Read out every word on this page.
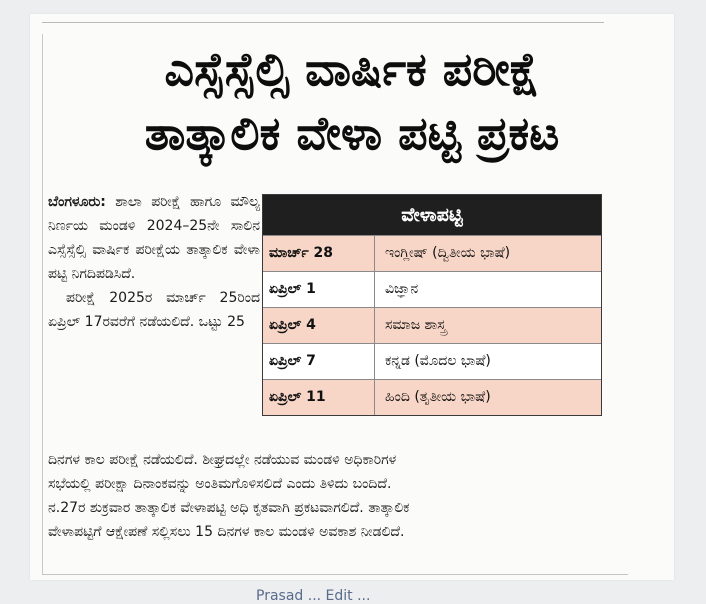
ಎಸ್ಸೆಸ್ಸೆಲ್ಸಿ ವಾರ್ಷಿಕ ಪರೀಕ್ಷೆ
ತಾತ್ಕಾಲಿಕ ವೇಳಾ ಪಟ್ಟಿ ಪ್ರಕಟ

ಬೆಂಗಳೂರು: ಶಾಲಾ ಪರೀಕ್ಷೆ ಹಾಗೂ ಮೌಲ್ಯ ನಿರ್ಣಯ ಮಂಡಳಿ 2024–25ನೇ ಸಾಲಿನ ಎಸ್ಸೆಸ್ಸೆಲ್ಸಿ ವಾರ್ಷಿಕ ಪರೀಕ್ಷೆಯ ತಾತ್ಕಾಲಿಕ ವೇಳಾ ಪಟ್ಟಿ ನಿಗದಿಪಡಿಸಿದೆ.

ಪರೀಕ್ಷೆ 2025ರ ಮಾರ್ಚ್ 25ರಿಂದ ಏಪ್ರಿಲ್ 17ರವರೆಗೆ ನಡೆಯಲಿದೆ. ಒಟ್ಟು 25

ವೇಳಾಪಟ್ಟಿ
ಮಾರ್ಚ್ 28	ಇಂಗ್ಲೀಷ್ (ದ್ವಿತೀಯ ಭಾಷೆ)
ಏಪ್ರಿಲ್ 1	ವಿಜ್ಞಾನ
ಏಪ್ರಿಲ್ 4	ಸಮಾಜ ಶಾಸ್ತ್ರ
ಏಪ್ರಿಲ್ 7	ಕನ್ನಡ (ಮೊದಲ ಭಾಷೆ)
ಏಪ್ರಿಲ್ 11	ಹಿಂದಿ (ತೃತೀಯ ಭಾಷೆ)
ದಿನಗಳ ಕಾಲ ಪರೀಕ್ಷೆ ನಡೆಯಲಿದೆ. ಶೀಘ್ರದಲ್ಲೇ ನಡೆಯುವ ಮಂಡಳಿ ಅಧಿಕಾರಿಗಳ
ಸಭೆಯಲ್ಲಿ ಪರೀಕ್ಷಾ ದಿನಾಂಕವನ್ನು ಅಂತಿಮಗೊಳಿಸಲಿದೆ ಎಂದು ತಿಳಿದು ಬಂದಿದೆ.
ನ.27ರ ಶುಕ್ರವಾರ ತಾತ್ಕಾಲಿಕ ವೇಳಾಪಟ್ಟಿ ಅಧಿ ಕೃತವಾಗಿ ಪ್ರಕಟವಾಗಲಿದೆ. ತಾತ್ಕಾಲಿಕ
ವೇಳಾಪಟ್ಟಿಗೆ ಆಕ್ಷೇಪಣೆ ಸಲ್ಲಿಸಲು 15 ದಿನಗಳ ಕಾಲ ಮಂಡಳಿ ಅವಕಾಶ ನೀಡಲಿದೆ.
Prasad ... Edit ...
